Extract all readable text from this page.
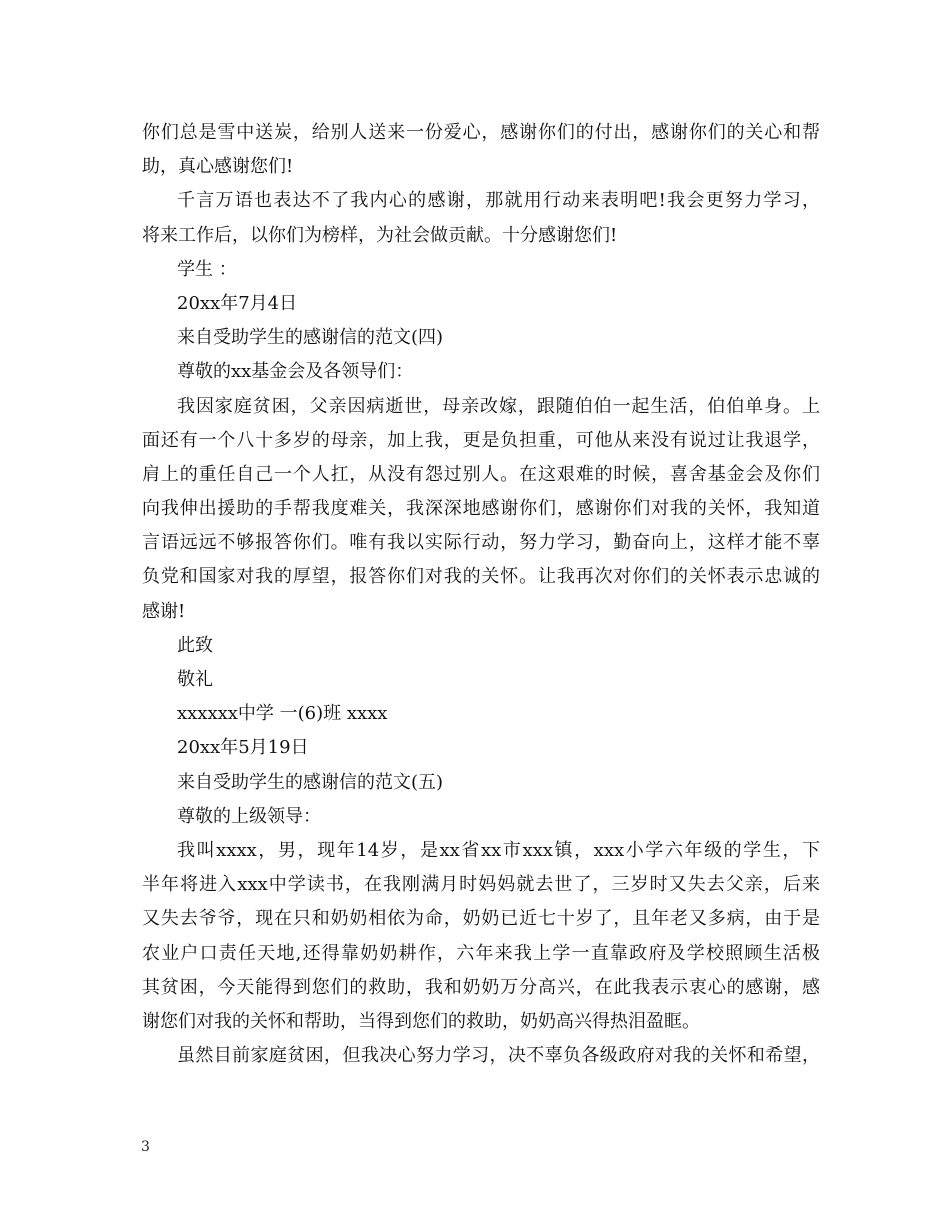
你们总是雪中送炭，给别人送来一份爱心，感谢你们的付出，感谢你们的关心和帮
助，真心感谢您们!
千言万语也表达不了我内心的感谢，那就用行动来表明吧!我会更努力学习，
将来工作后，以你们为榜样，为社会做贡献。十分感谢您们!
学生 ：
20xx年7月4日
来自受助学生的感谢信的范文(四)
尊敬的xx基金会及各领导们：
我因家庭贫困，父亲因病逝世，母亲改嫁，跟随伯伯一起生活，伯伯单身。上
面还有一个八十多岁的母亲，加上我，更是负担重，可他从来没有说过让我退学，
肩上的重任自己一个人扛，从没有怨过别人。在这艰难的时候，喜舍基金会及你们
向我伸出援助的手帮我度难关，我深深地感谢你们，感谢你们对我的关怀，我知道
言语远远不够报答你们。唯有我以实际行动，努力学习，勤奋向上，这样才能不辜
负党和国家对我的厚望，报答你们对我的关怀。让我再次对你们的关怀表示忠诚的
感谢!
此致
敬礼
xxxxxx中学 一(6)班 xxxx
20xx年5月19日
来自受助学生的感谢信的范文(五)
尊敬的上级领导：
我叫xxxx，男，现年14岁，是xx省xx市xxx镇，xxx小学六年级的学生，下
半年将进入xxx中学读书，在我刚满月时妈妈就去世了，三岁时又失去父亲，后来
又失去爷爷，现在只和奶奶相依为命，奶奶已近七十岁了，且年老又多病，由于是
农业户口责任天地,还得靠奶奶耕作，六年来我上学一直靠政府及学校照顾生活极
其贫困，今天能得到您们的救助，我和奶奶万分高兴，在此我表示衷心的感谢，感
谢您们对我的关怀和帮助，当得到您们的救助，奶奶高兴得热泪盈眶。
虽然目前家庭贫困，但我决心努力学习，决不辜负各级政府对我的关怀和希望，
3
